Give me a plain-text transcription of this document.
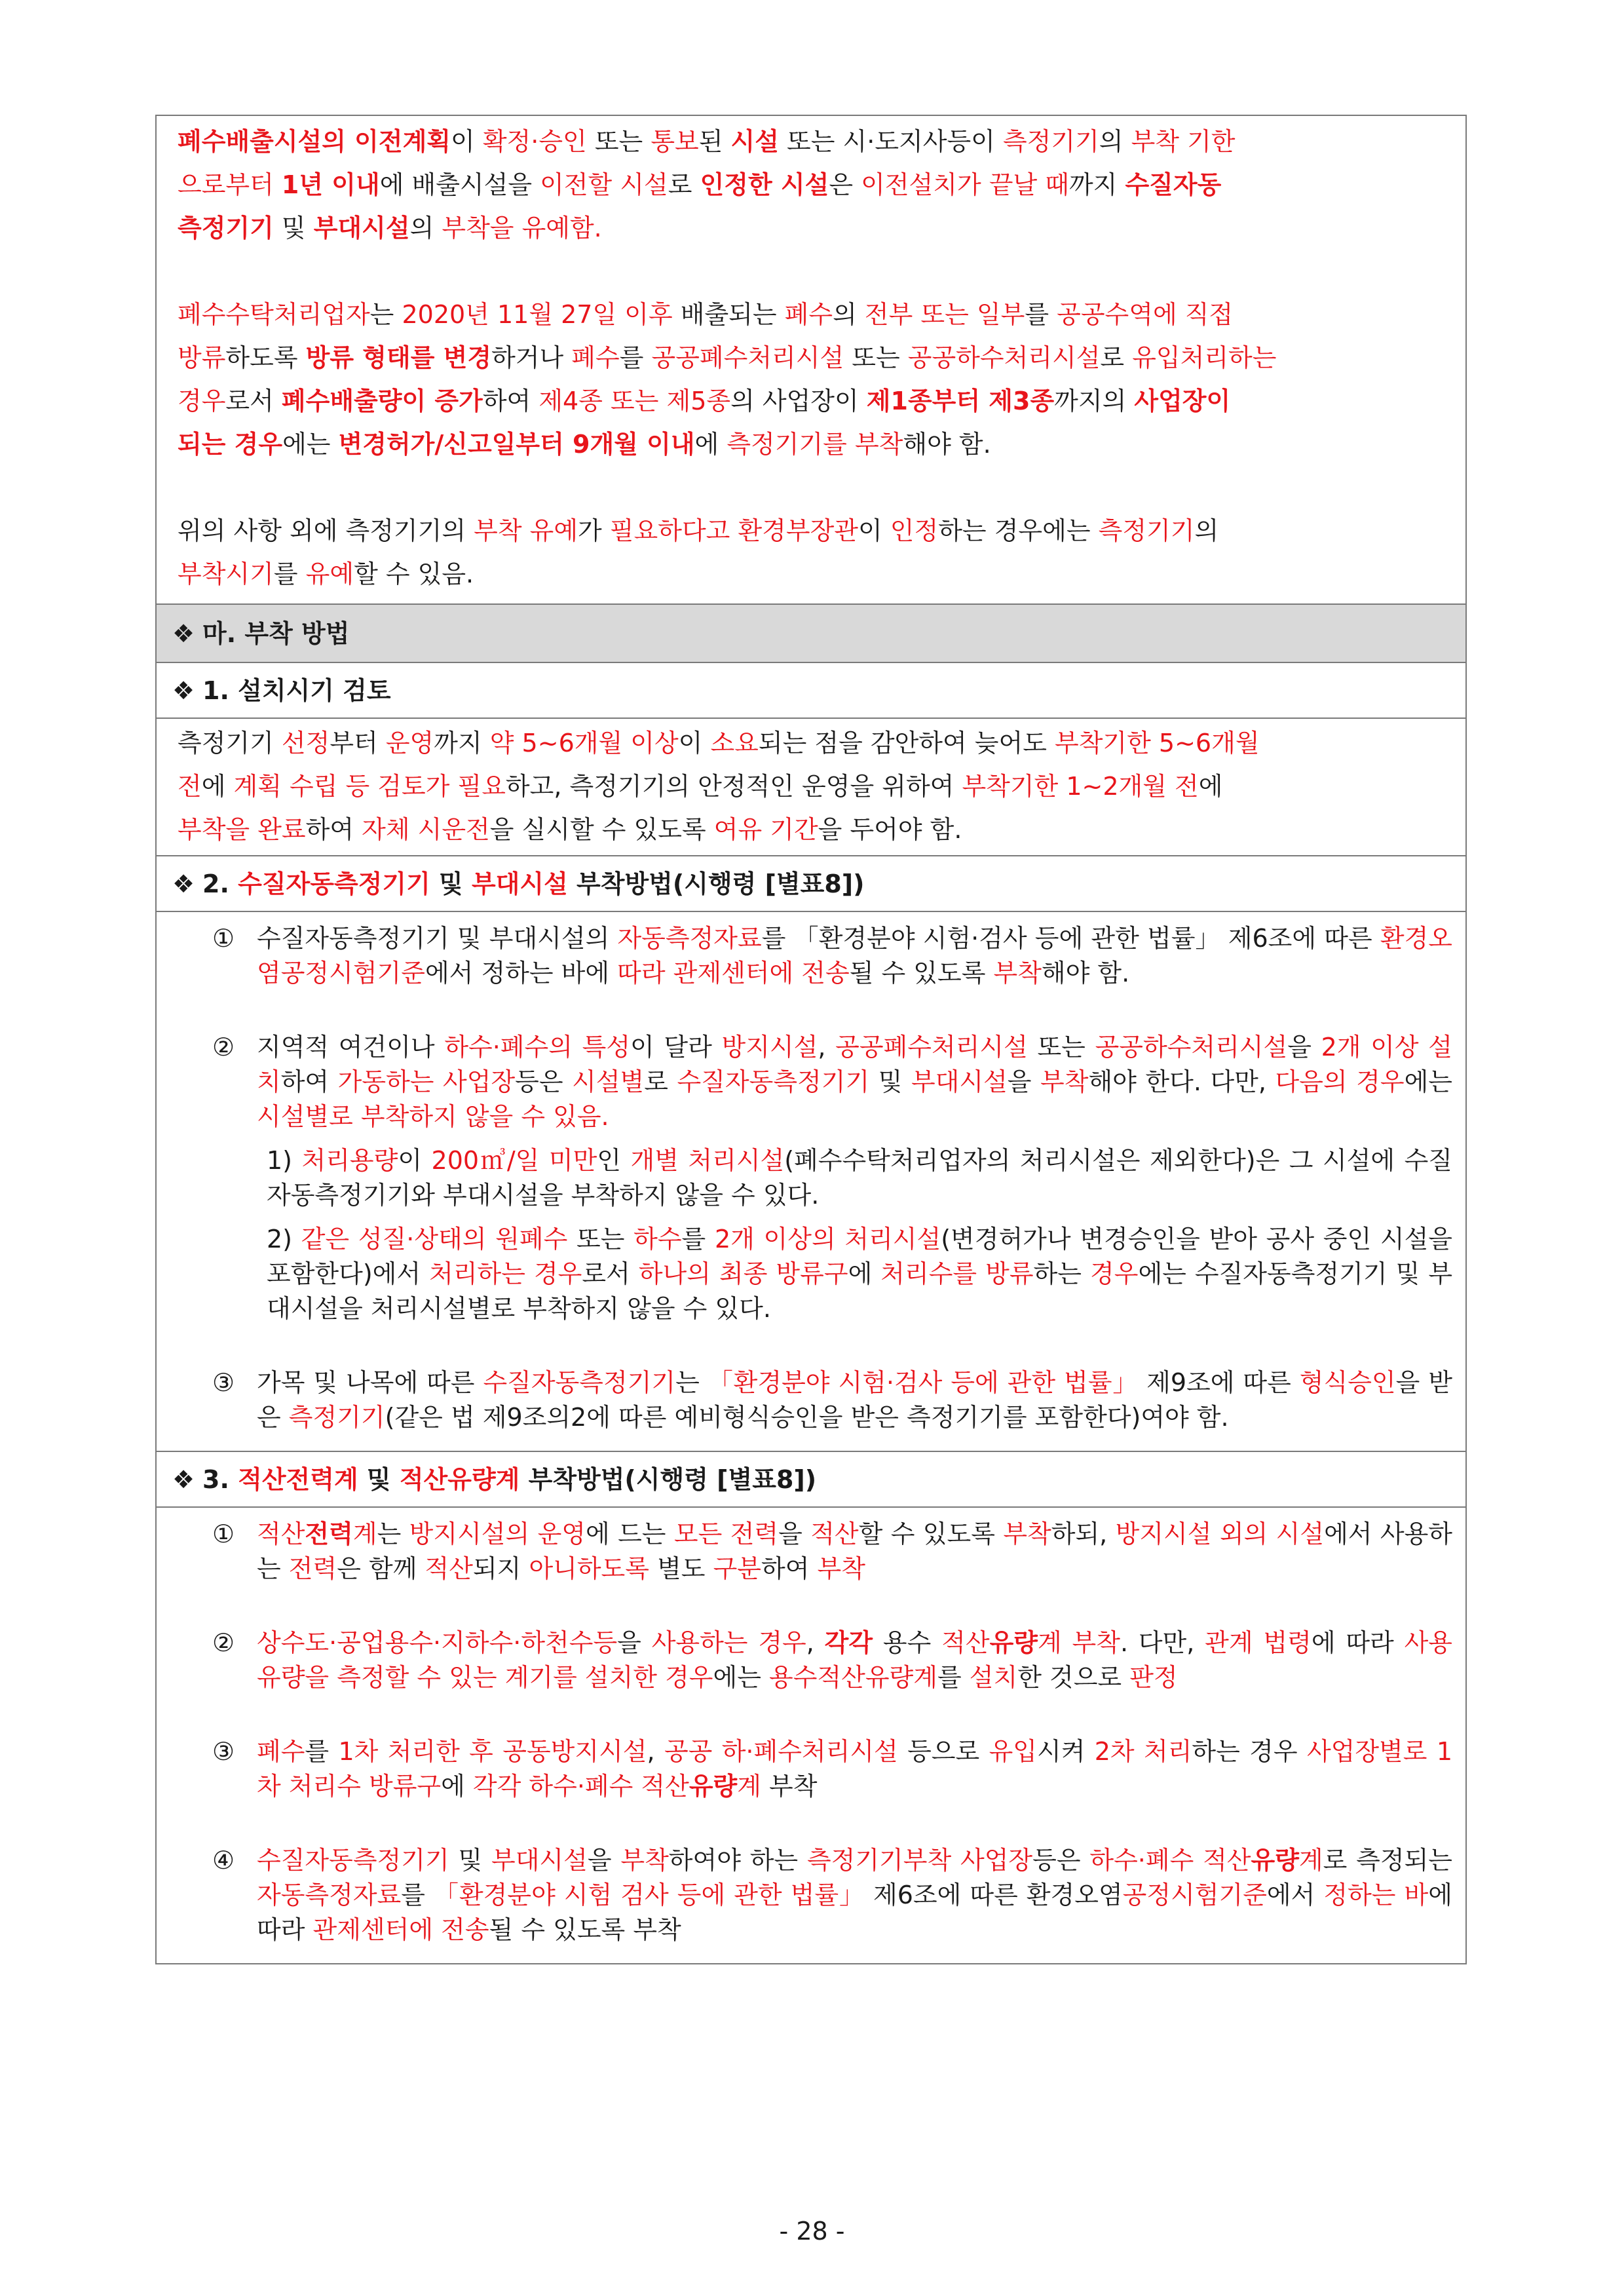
폐수배출시설의 이전계획이 확정·승인 또는 통보된 시설 또는 시·도지사등이 측정기기의 부착 기한
으로부터 1년 이내에 배출시설을 이전할 시설로 인정한 시설은 이전설치가 끝날 때까지 수질자동
측정기기 및 부대시설의 부착을 유예함.

폐수수탁처리업자는 2020년 11월 27일 이후 배출되는 폐수의 전부 또는 일부를 공공수역에 직접
방류하도록 방류 형태를 변경하거나 폐수를 공공폐수처리시설 또는 공공하수처리시설로 유입처리하는
경우로서 폐수배출량이 증가하여 제4종 또는 제5종의 사업장이 제1종부터 제3종까지의 사업장이
되는 경우에는 변경허가/신고일부터 9개월 이내에 측정기기를 부착해야 함.

위의 사항 외에 측정기기의 부착 유예가 필요하다고 환경부장관이 인정하는 경우에는 측정기기의
부착시기를 유예할 수 있음.

❖ 마. 부착 방법
❖ 1. 설치시기 검토

측정기기 선정부터 운영까지 약 5~6개월 이상이 소요되는 점을 감안하여 늦어도 부착기한 5~6개월
전에 계획 수립 등 검토가 필요하고, 측정기기의 안정적인 운영을 위하여 부착기한 1~2개월 전에
부착을 완료하여 자체 시운전을 실시할 수 있도록 여유 기간을 두어야 함.

❖ 2. 수질자동측정기기 및 부대시설 부착방법(시행령 [별표8])

① 수질자동측정기기 및 부대시설의 자동측정자료를 「환경분야 시험·검사 등에 관한 법률」 제6조에 따른 환경오염공정시험기준에서 정하는 바에 따라 관제센터에 전송될 수 있도록 부착해야 함.

② 지역적 여건이나 하수·폐수의 특성이 달라 방지시설, 공공폐수처리시설 또는 공공하수처리시설을 2개 이상 설치하여 가동하는 사업장등은 시설별로 수질자동측정기기 및 부대시설을 부착해야 한다. 다만, 다음의 경우에는 시설별로 부착하지 않을 수 있음.

1) 처리용량이 200㎥/일 미만인 개별 처리시설(폐수수탁처리업자의 처리시설은 제외한다)은 그 시설에 수질자동측정기기와 부대시설을 부착하지 않을 수 있다.

2) 같은 성질·상태의 원폐수 또는 하수를 2개 이상의 처리시설(변경허가나 변경승인을 받아 공사 중인 시설을 포함한다)에서 처리하는 경우로서 하나의 최종 방류구에 처리수를 방류하는 경우에는 수질자동측정기기 및 부대시설을 처리시설별로 부착하지 않을 수 있다.

③ 가목 및 나목에 따른 수질자동측정기기는 「환경분야 시험·검사 등에 관한 법률」 제9조에 따른 형식승인을 받은 측정기기(같은 법 제9조의2에 따른 예비형식승인을 받은 측정기기를 포함한다)여야 함.

❖ 3. 적산전력계 및 적산유량계 부착방법(시행령 [별표8])

① 적산전력계는 방지시설의 운영에 드는 모든 전력을 적산할 수 있도록 부착하되, 방지시설 외의 시설에서 사용하는 전력은 함께 적산되지 아니하도록 별도 구분하여 부착

② 상수도·공업용수·지하수·하천수등을 사용하는 경우, 각각 용수 적산유량계 부착. 다만, 관계 법령에 따라 사용 유량을 측정할 수 있는 계기를 설치한 경우에는 용수적산유량계를 설치한 것으로 판정

③ 폐수를 1차 처리한 후 공동방지시설, 공공 하·폐수처리시설 등으로 유입시켜 2차 처리하는 경우 사업장별로 1차 처리수 방류구에 각각 하수·폐수 적산유량계 부착

④ 수질자동측정기기 및 부대시설을 부착하여야 하는 측정기기부착 사업장등은 하수·폐수 적산유량계로 측정되는 자동측정자료를 「환경분야 시험 검사 등에 관한 법률」 제6조에 따른 환경오염공정시험기준에서 정하는 바에 따라 관제센터에 전송될 수 있도록 부착

- 28 -
